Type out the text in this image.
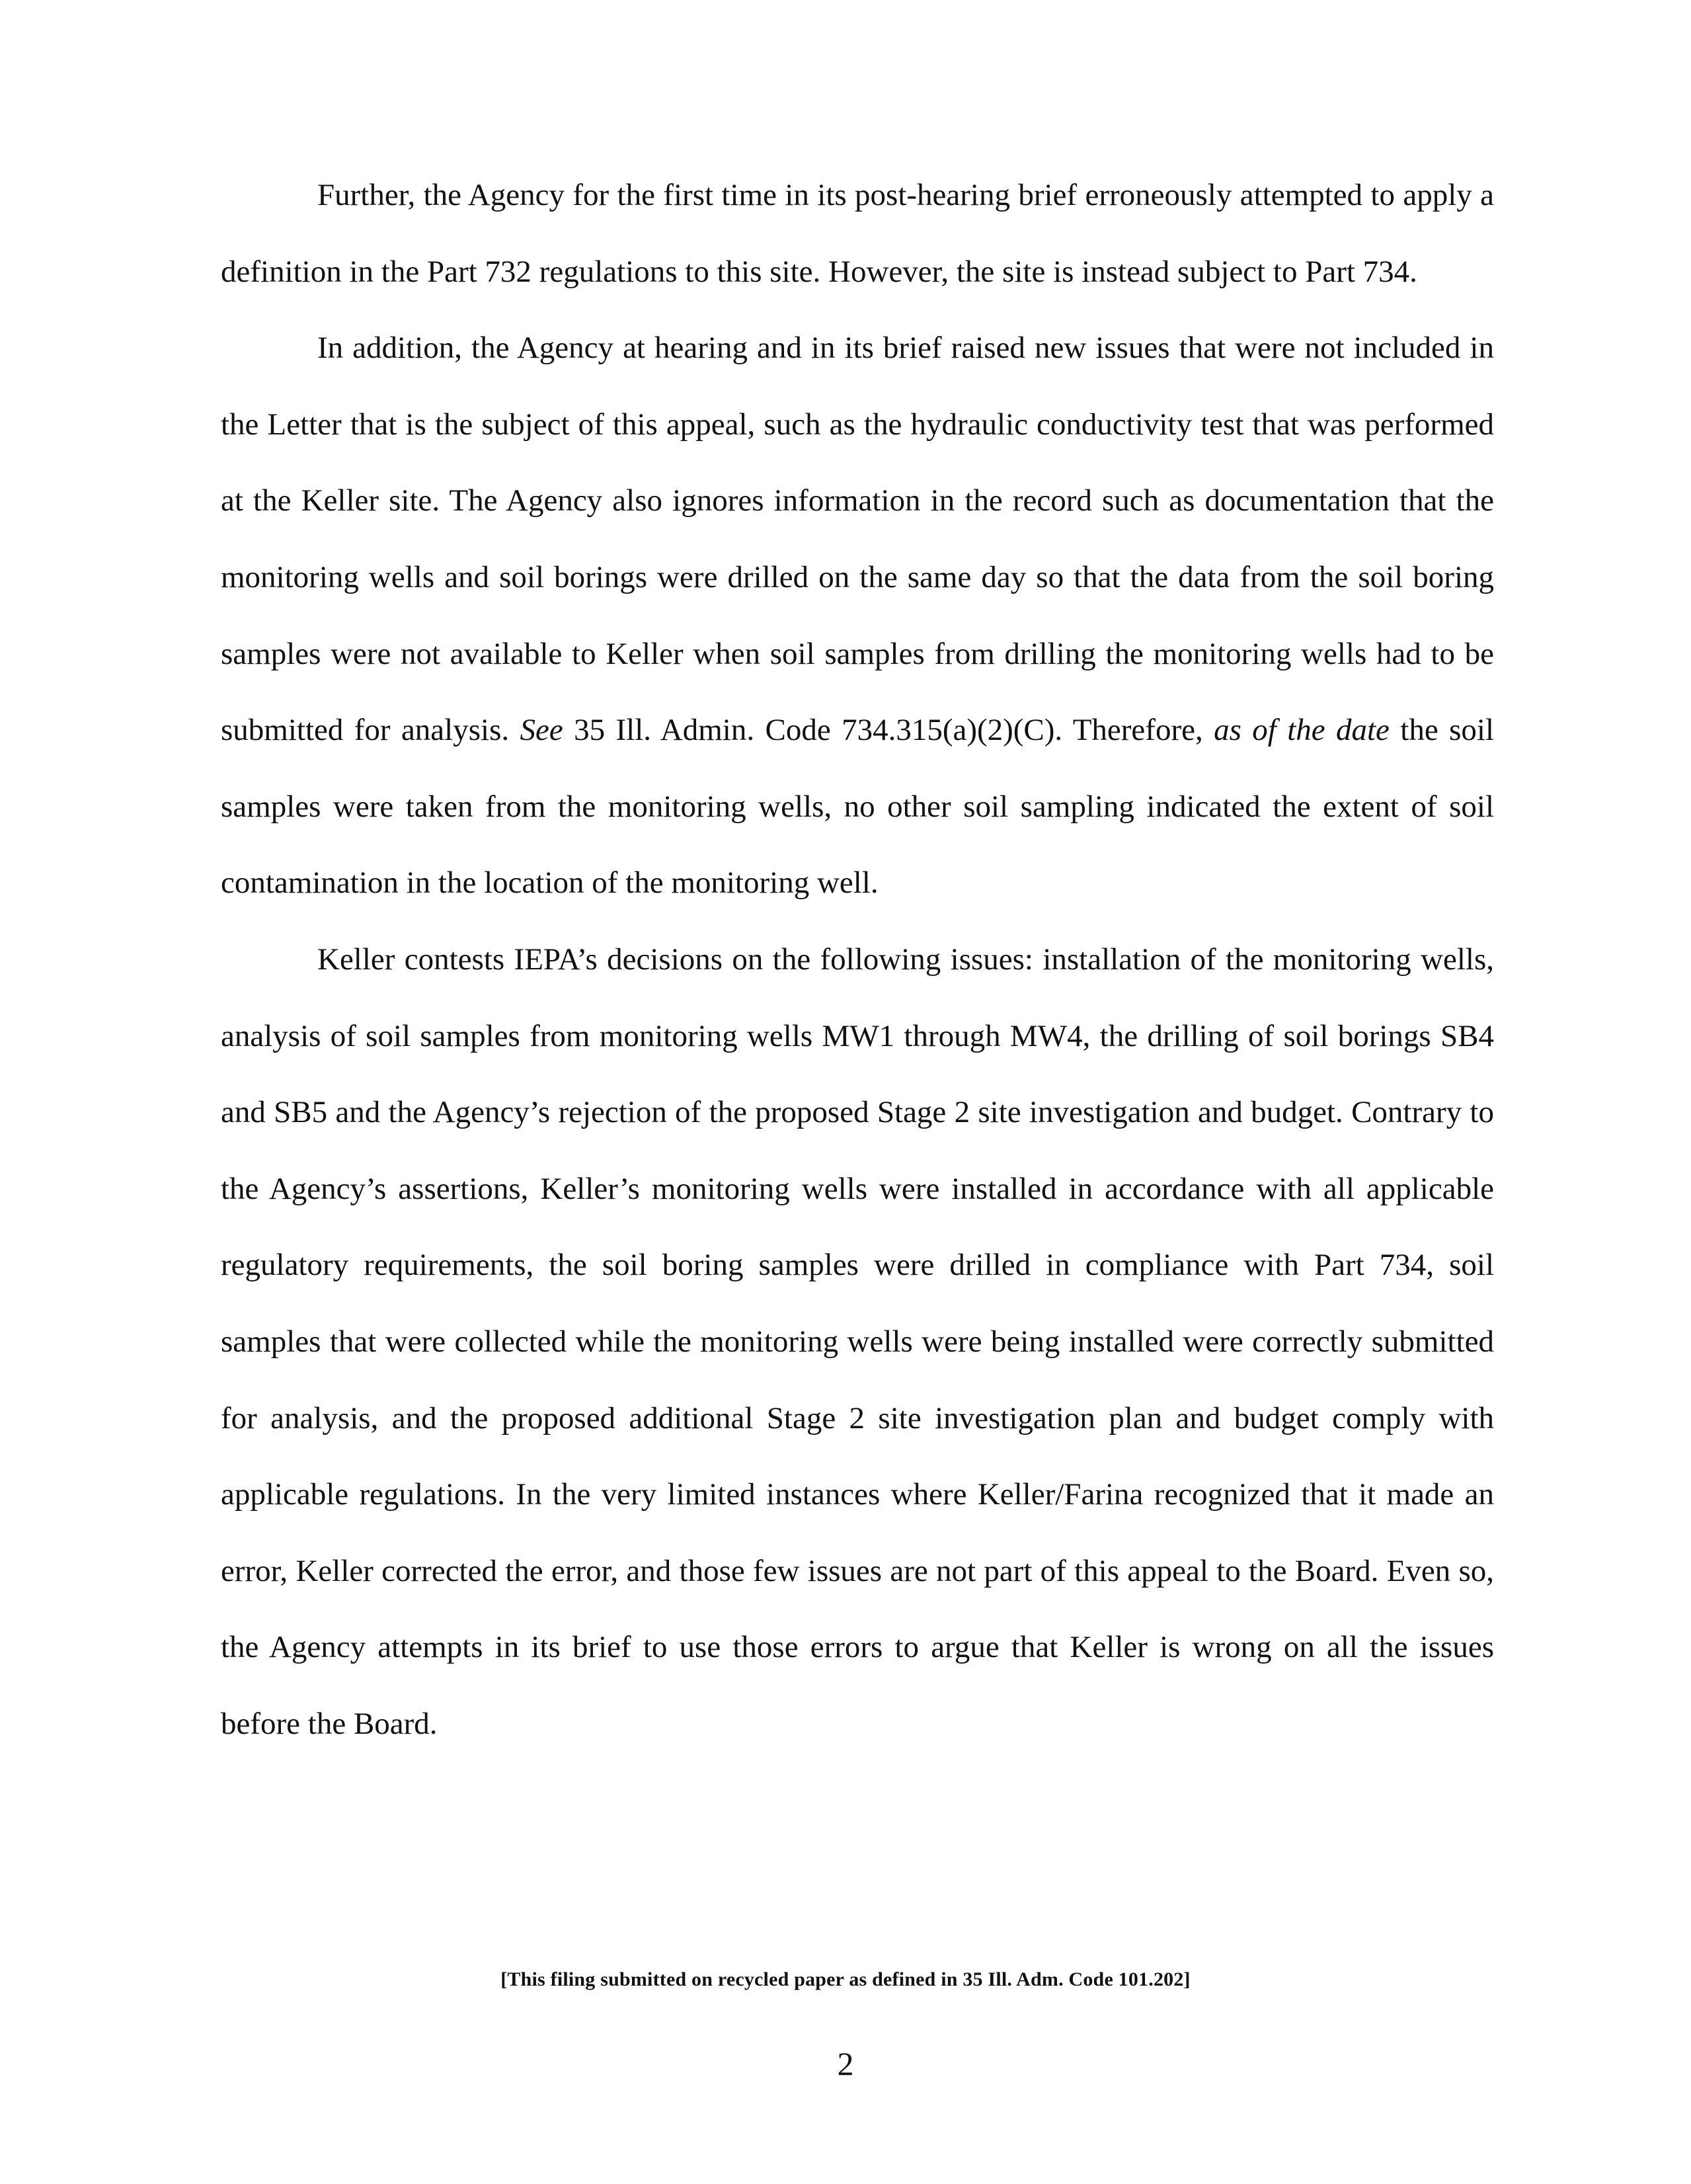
Further, the Agency for the first time in its post-hearing brief erroneously attempted to apply a definition in the Part 732 regulations to this site. However, the site is instead subject to Part 734.

In addition, the Agency at hearing and in its brief raised new issues that were not included in the Letter that is the subject of this appeal, such as the hydraulic conductivity test that was performed at the Keller site. The Agency also ignores information in the record such as documentation that the monitoring wells and soil borings were drilled on the same day so that the data from the soil boring samples were not available to Keller when soil samples from drilling the monitoring wells had to be submitted for analysis. See 35 Ill. Admin. Code 734.315(a)(2)(C). Therefore, as of the date the soil samples were taken from the monitoring wells, no other soil sampling indicated the extent of soil contamination in the location of the monitoring well.

Keller contests IEPA’s decisions on the following issues: installation of the monitoring wells, analysis of soil samples from monitoring wells MW1 through MW4, the drilling of soil borings SB4 and SB5 and the Agency’s rejection of the proposed Stage 2 site investigation and budget. Contrary to the Agency’s assertions, Keller’s monitoring wells were installed in accordance with all applicable regulatory requirements, the soil boring samples were drilled in compliance with Part 734, soil samples that were collected while the monitoring wells were being installed were correctly submitted for analysis, and the proposed additional Stage 2 site investigation plan and budget comply with applicable regulations. In the very limited instances where Keller/Farina recognized that it made an error, Keller corrected the error, and those few issues are not part of this appeal to the Board. Even so, the Agency attempts in its brief to use those errors to argue that Keller is wrong on all the issues before the Board.

[This filing submitted on recycled paper as defined in 35 Ill. Adm. Code 101.202]
2
